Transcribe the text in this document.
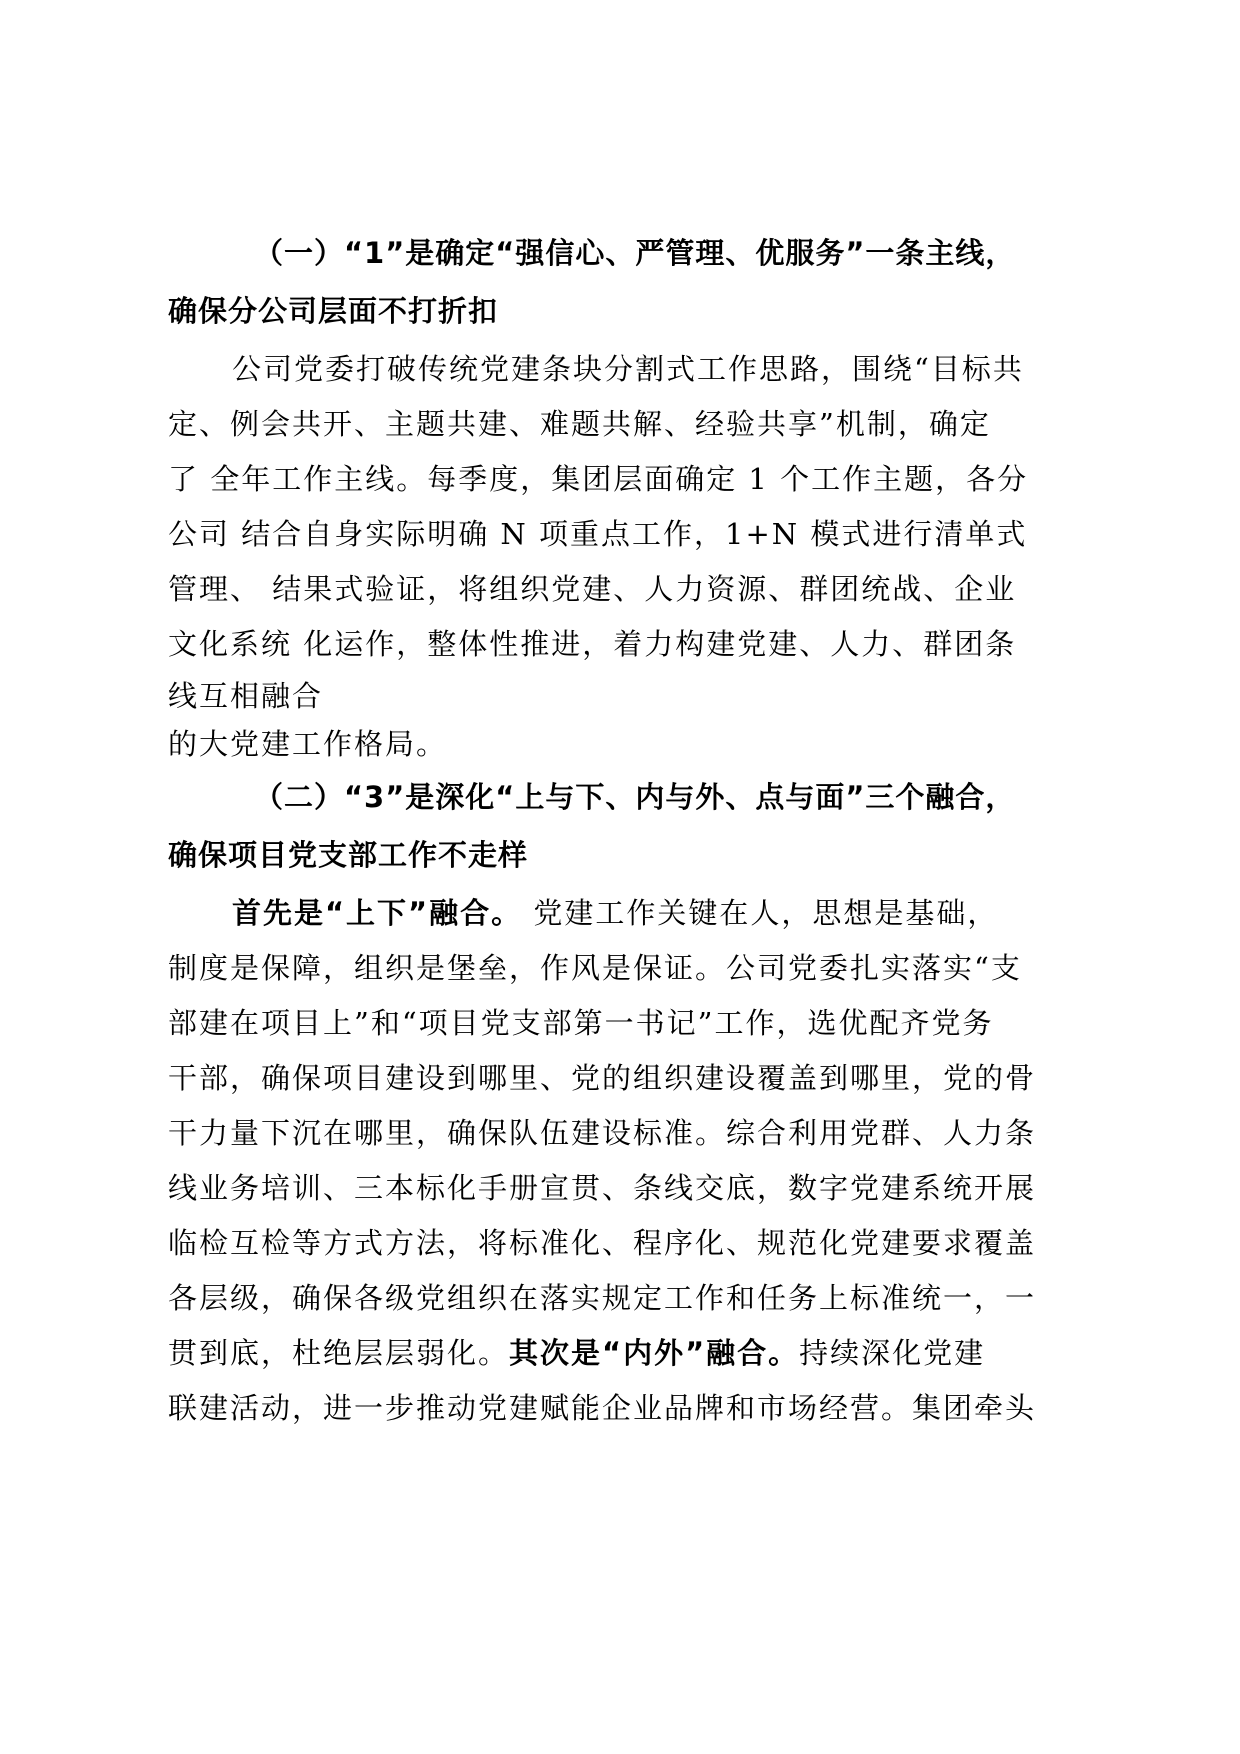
（一）“1”是确定“强信心、严管理、优服务”一条主线，
确保分公司层面不打折扣

公司党委打破传统党建条块分割式工作思路，围绕“目标共
定、例会共开、主题共建、难题共解、经验共享”机制，确定
了 全年工作主线。每季度，集团层面确定 1 个工作主题，各分
公司 结合自身实际明确 N 项重点工作，1+N 模式进行清单式
管理、 结果式验证，将组织党建、人力资源、群团统战、企业
文化系统 化运作，整体性推进，着力构建党建、人力、群团条
线互相融合
的大党建工作格局。

（二）“3”是深化“上与下、内与外、点与面”三个融合，
确保项目党支部工作不走样

首先是“上下”融合。 党建工作关键在人，思想是基础，
制度是保障，组织是堡垒，作风是保证。公司党委扎实落实“支
部建在项目上”和“项目党支部第一书记”工作，选优配齐党务
干部，确保项目建设到哪里、党的组织建设覆盖到哪里，党的骨
干力量下沉在哪里，确保队伍建设标准。综合利用党群、人力条
线业务培训、三本标化手册宣贯、条线交底，数字党建系统开展
临检互检等方式方法，将标准化、程序化、规范化党建要求覆盖
各层级，确保各级党组织在落实规定工作和任务上标准统一，一
贯到底，杜绝层层弱化。其次是“内外”融合。持续深化党建
联建活动，进一步推动党建赋能企业品牌和市场经营。集团牵头
